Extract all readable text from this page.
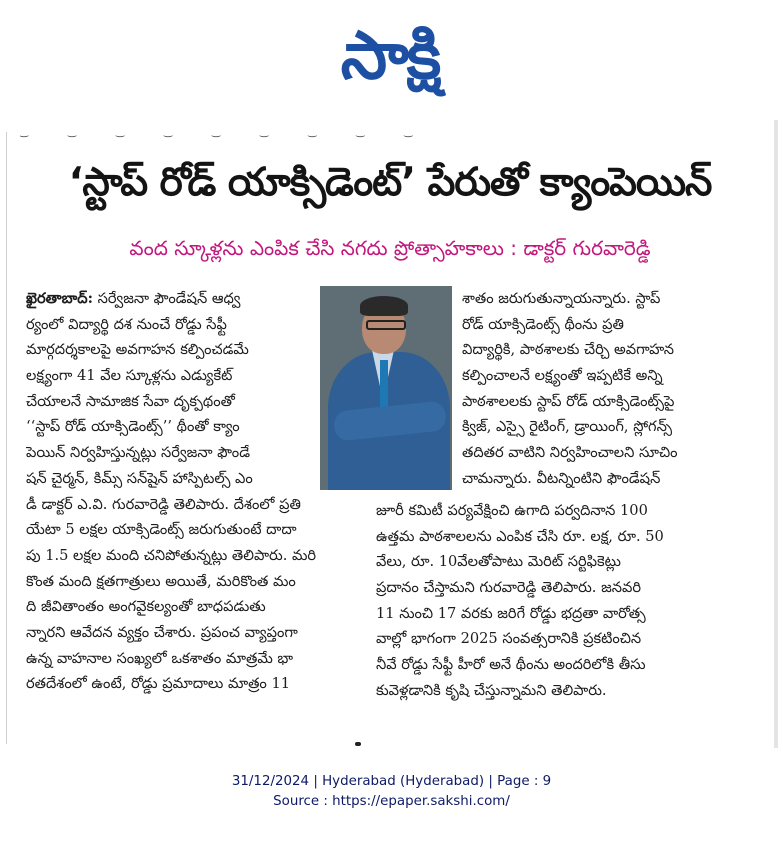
సాక్షి
‿‿‿‿‿‿‿‿‿
‘స్టాప్ రోడ్ యాక్సిడెంట్’ పేరుతో క్యాంపెయిన్
వంద స్కూళ్లను ఎంపిక చేసి నగదు ప్రోత్సాహకాలు : డాక్టర్ గురవారెడ్డి
ఖైరతాబాద్: సర్వేజనా ఫౌండేషన్ ఆధ్వ
ర్యంలో విద్యార్థి దశ నుంచే రోడ్డు సేఫ్టీ
మార్గదర్శకాలపై అవగాహన కల్పించడమే
లక్ష్యంగా 41 వేల స్కూళ్లను ఎడ్యుకేట్
చేయాలనే సామాజిక సేవా దృక్పథంతో
‘‘స్టాప్ రోడ్ యాక్సిడెంట్స్’’ థీంతో క్యాం
పెయిన్ నిర్వహిస్తున్నట్లు సర్వేజనా ఫౌండే
షన్ చైర్మన్, కిమ్స్ సన్‌షైన్ హాస్పిటల్స్ ఎం
డీ డాక్టర్ ఎ.వి. గురవారెడ్డి తెలిపారు. దేశంలో ప్రతి
యేటా 5 లక్షల యాక్సిడెంట్స్ జరుగుతుంటే దాదా
పు 1.5 లక్షల మంది చనిపోతున్నట్లు తెలిపారు. మరి
కొంత మంది క్షతగాత్రులు అయితే, మరికొంత మం
ది జీవితాంతం అంగవైకల్యంతో బాధపడుతు
న్నారని ఆవేదన వ్యక్తం చేశారు. ప్రపంచ వ్యాప్తంగా
ఉన్న వాహనాల సంఖ్యలో ఒకశాతం మాత్రమే భా
రతదేశంలో ఉంటే, రోడ్డు ప్రమాదాలు మాత్రం 11
శాతం జరుగుతున్నాయన్నారు. స్టాప్
రోడ్ యాక్సిడెంట్స్ థీంను ప్రతి
విద్యార్థికి, పాఠశాలకు చేర్చి అవగాహన
కల్పించాలనే లక్ష్యంతో ఇప్పటికే అన్ని
పాఠశాలలకు స్టాప్ రోడ్ యాక్సిడెంట్స్‌పై
క్విజ్, ఎస్సై రైటింగ్, డ్రాయింగ్, స్లోగన్స్
తదితర వాటిని నిర్వహించాలని సూచిం
చామన్నారు. వీటన్నింటిని ఫౌండేషన్
జూరీ కమిటీ పర్యవేక్షించి ఉగాది పర్వదినాన 100
ఉత్తమ పాఠశాలలను ఎంపిక చేసి రూ. లక్ష, రూ. 50
వేలు, రూ. 10వేలతోపాటు మెరిట్ సర్టిఫికెట్లు
ప్రదానం చేస్తామని గురవారెడ్డి తెలిపారు. జనవరి
11 నుంచి 17 వరకు జరిగే రోడ్డు భద్రతా వారోత్స
వాల్లో భాగంగా 2025 సంవత్సరానికి ప్రకటించిన
నీవే రోడ్డు సేఫ్టీ హీరో అనే థీంను అందరిలోకి తీసు
కువెళ్లడానికి కృషి చేస్తున్నామని తెలిపారు.
31/12/2024 | Hyderabad (Hyderabad) | Page : 9
Source : https://epaper.sakshi.com/
